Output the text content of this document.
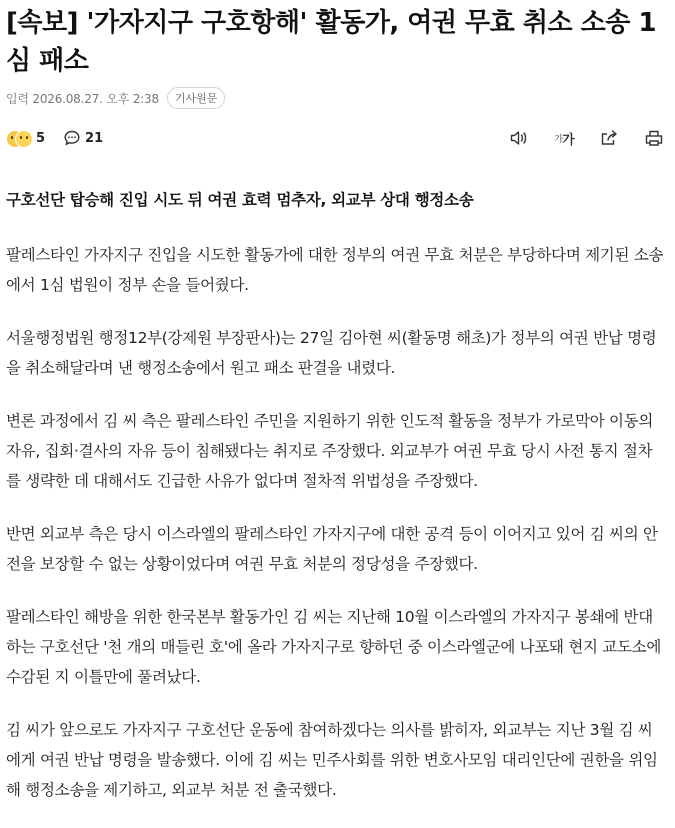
[속보] '가자지구 구호항해' 활동가, 여권 무효 취소 소송 1심 패소
입력 2026.08.27. 오후 2:38	기사원문
5	21	가 가
구호선단 탑승해 진입 시도 뒤 여권 효력 멈추자, 외교부 상대 행정소송

팔레스타인 가자지구 진입을 시도한 활동가에 대한 정부의 여권 무효 처분은 부당하다며 제기된 소송에서 1심 법원이 정부 손을 들어줬다.

서울행정법원 행정12부(강제원 부장판사)는 27일 김아현 씨(활동명 해초)가 정부의 여권 반납 명령을 취소해달라며 낸 행정소송에서 원고 패소 판결을 내렸다.

변론 과정에서 김 씨 측은 팔레스타인 주민을 지원하기 위한 인도적 활동을 정부가 가로막아 이동의 자유, 집회·결사의 자유 등이 침해됐다는 취지로 주장했다. 외교부가 여권 무효 당시 사전 통지 절차를 생략한 데 대해서도 긴급한 사유가 없다며 절차적 위법성을 주장했다.

반면 외교부 측은 당시 이스라엘의 팔레스타인 가자지구에 대한 공격 등이 이어지고 있어 김 씨의 안전을 보장할 수 없는 상황이었다며 여권 무효 처분의 정당성을 주장했다.

팔레스타인 해방을 위한 한국본부 활동가인 김 씨는 지난해 10월 이스라엘의 가자지구 봉쇄에 반대하는 구호선단 '천 개의 매들린 호'에 올라 가자지구로 향하던 중 이스라엘군에 나포돼 현지 교도소에 수감된 지 이틀만에 풀려났다.

김 씨가 앞으로도 가자지구 구호선단 운동에 참여하겠다는 의사를 밝히자, 외교부는 지난 3월 김 씨에게 여권 반납 명령을 발송했다. 이에 김 씨는 민주사회를 위한 변호사모임 대리인단에 권한을 위임해 행정소송을 제기하고, 외교부 처분 전 출국했다.
